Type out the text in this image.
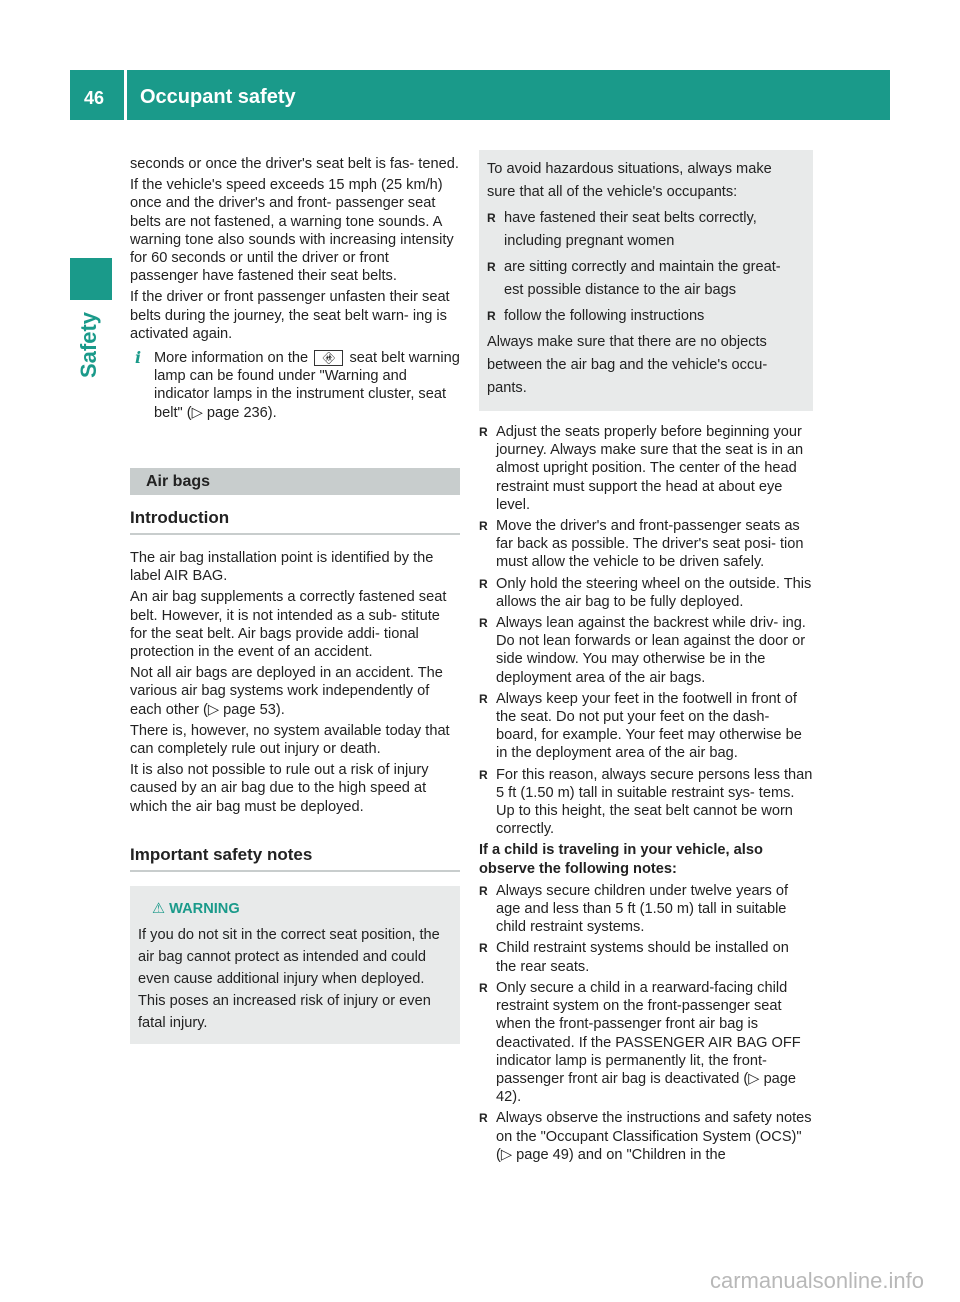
46 Occupant safety
Safety

seconds or once the driver's seat belt is fas- tened.

If the vehicle's speed exceeds 15 mph (25 km/h) once and the driver's and front- passenger seat belts are not fastened, a warning tone sounds. A warning tone also sounds with increasing intensity for 60 seconds or until the driver or front passenger have fastened their seat belts.

If the driver or front passenger unfasten their seat belts during the journey, the seat belt warn- ing is activated again.

i More information on the 🚸︎ seat belt warning lamp can be found under "Warning and indicator lamps in the instrument cluster, seat belt" (▷ page 236).
Air bags
Introduction

The air bag installation point is identified by the label AIR BAG.

An air bag supplements a correctly fastened seat belt. However, it is not intended as a sub- stitute for the seat belt. Air bags provide addi- tional protection in the event of an accident.

Not all air bags are deployed in an accident. The various air bag systems work independently of each other (▷ page 53).

There is, however, no system available today that can completely rule out injury or death.

It is also not possible to rule out a risk of injury caused by an air bag due to the high speed at which the air bag must be deployed.

Important safety notes
⚠︎ WARNING
If you do not sit in the correct seat position, the air bag cannot protect as intended and could even cause additional injury when deployed. This poses an increased risk of injury or even fatal injury.

To avoid hazardous situations, always make sure that all of the vehicle's occupants:

R have fastened their seat belts correctly, including pregnant women
R are sitting correctly and maintain the great- est possible distance to the air bags
R follow the following instructions

Always make sure that there are no objects between the air bag and the vehicle's occu- pants.

R Adjust the seats properly before beginning your journey. Always make sure that the seat is in an almost upright position. The center of the head restraint must support the head at about eye level.
R Move the driver's and front-passenger seats as far back as possible. The driver's seat posi- tion must allow the vehicle to be driven safely.
R Only hold the steering wheel on the outside. This allows the air bag to be fully deployed.
R Always lean against the backrest while driv- ing. Do not lean forwards or lean against the door or side window. You may otherwise be in the deployment area of the air bags.
R Always keep your feet in the footwell in front of the seat. Do not put your feet on the dash- board, for example. Your feet may otherwise be in the deployment area of the air bag.
R For this reason, always secure persons less than 5 ft (1.50 m) tall in suitable restraint sys- tems. Up to this height, the seat belt cannot be worn correctly.
If a child is traveling in your vehicle, also observe the following notes:
R Always secure children under twelve years of age and less than 5 ft (1.50 m) tall in suitable child restraint systems.
R Child restraint systems should be installed on the rear seats.
R Only secure a child in a rearward-facing child restraint system on the front-passenger seat when the front-passenger front air bag is deactivated. If the PASSENGER AIR BAG OFF indicator lamp is permanently lit, the front- passenger front air bag is deactivated (▷ page 42).
R Always observe the instructions and safety notes on the "Occupant Classification System (OCS)" (▷ page 49) and on "Children in the
carmanualsonline.info
